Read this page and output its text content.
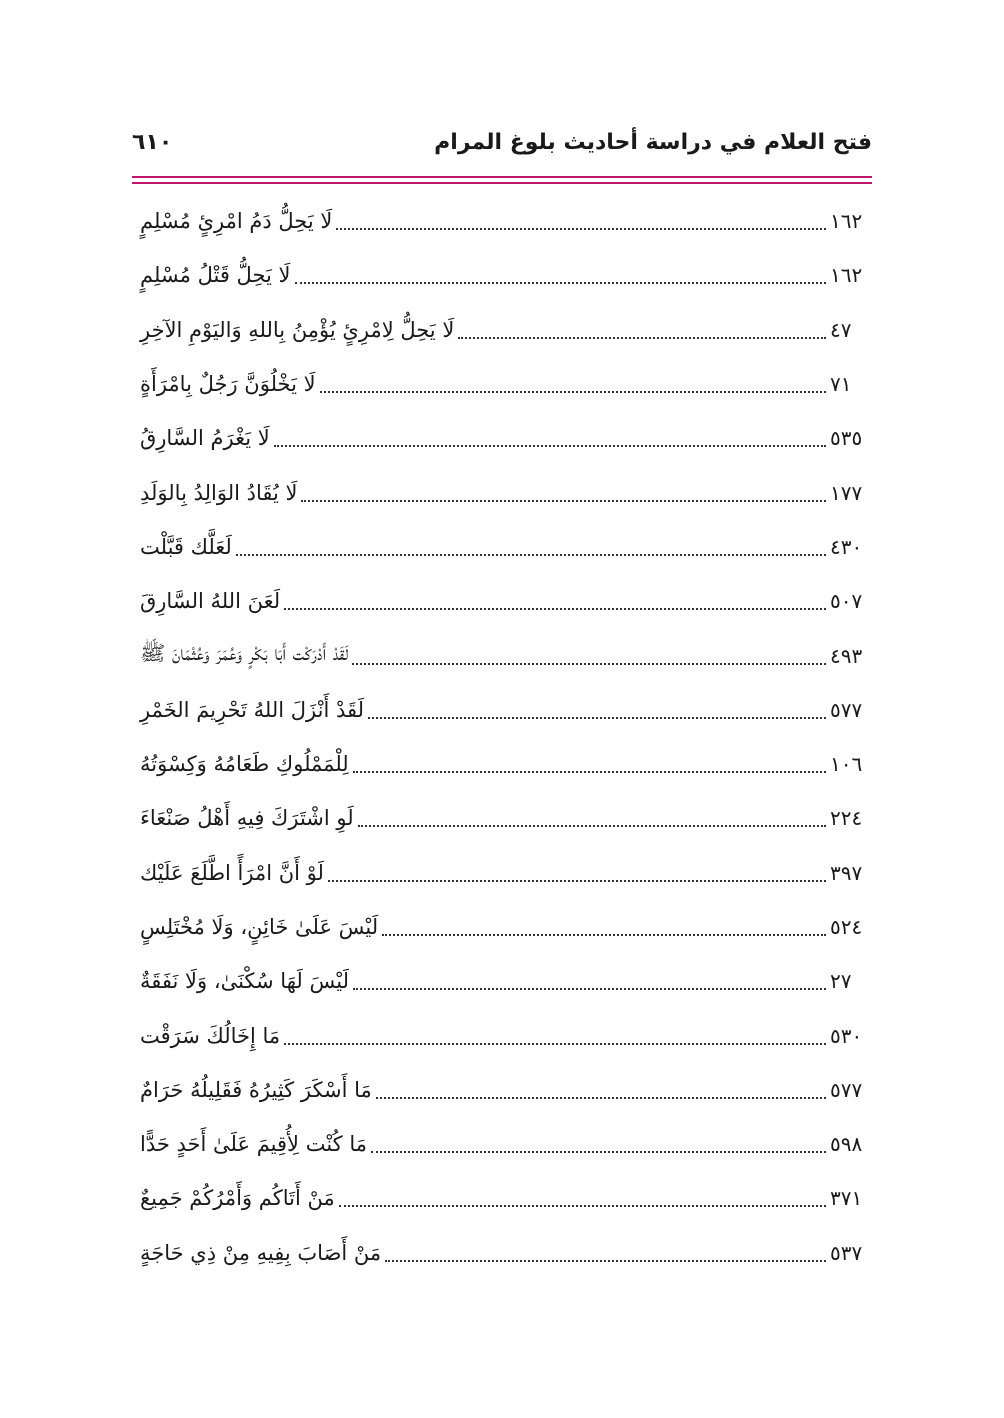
فتح العلام في دراسة أحاديث بلوغ المرام
٦١٠
لَا يَحِلُّ دَمُ امْرِئٍ مُسْلِمٍ	١٦٢
لَا يَحِلُّ قَتْلُ مُسْلِمٍ	١٦٢
لَا يَحِلُّ لِامْرِئٍ يُؤْمِنُ بِاللهِ وَاليَوْمِ الآخِرِ	٤٧
لَا يَخْلُوَنَّ رَجُلٌ بِامْرَأَةٍ	٧١
لَا يَغْرَمُ السَّارِقُ	٥٣٥
لَا يُقَادُ الوَالِدُ بِالوَلَدِ	١٧٧
لَعَلَّك قَبَّلْت	٤٣٠
لَعَنَ اللهُ السَّارِقَ	٥٠٧
لَقَدْ أَدْرَكْت أَبَا بَكْرٍ وَعُمَرَ وَعُثْمَانَ ﷺ	٤٩٣
لَقَدْ أَنْزَلَ اللهُ تَحْرِيمَ الخَمْرِ	٥٧٧
لِلْمَمْلُوكِ طَعَامُهُ وَكِسْوَتُهُ	١٠٦
لَوِ اشْتَرَكَ فِيهِ أَهْلُ صَنْعَاءَ	٢٢٤
لَوْ أَنَّ امْرَأً اطَّلَعَ عَلَيْك	٣٩٧
لَيْسَ عَلَىٰ خَائِنٍ، وَلَا مُخْتَلِسٍ	٥٢٤
لَيْسَ لَهَا سُكْنَىٰ، وَلَا نَفَقَةٌ	٢٧
مَا إِخَالُكَ سَرَقْت	٥٣٠
مَا أَسْكَرَ كَثِيرُهُ فَقَلِيلُهُ حَرَامٌ	٥٧٧
مَا كُنْت لِأُقِيمَ عَلَىٰ أَحَدٍ حَدًّا	٥٩٨
مَنْ أَتَاكُم وَأَمْرُكُمْ جَمِيعٌ	٣٧١
مَنْ أَصَابَ بِفِيهِ مِنْ ذِي حَاجَةٍ	٥٣٧
